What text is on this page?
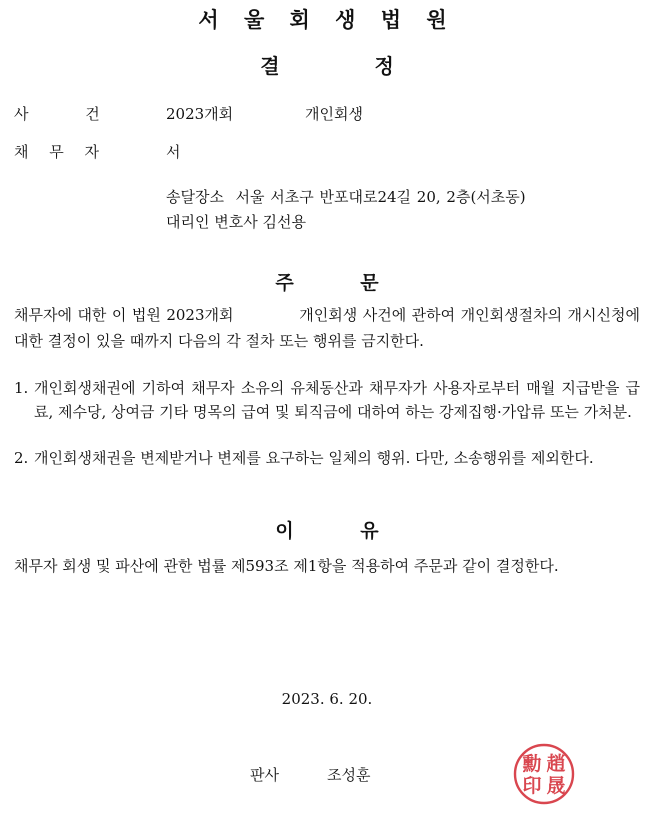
서 울 회 생 법 원
결 정
사 건	2023개회	개인회생
채 무 자	서
송달장소  서울 서초구 반포대로24길 20, 2층(서초동)
대리인 변호사 김선용
주 문

채무자에 대한 이 법원 2023개회            개인회생 사건에 관하여 개인회생절차의 개시신청에 대한 결정이 있을 때까지 다음의 각 절차 또는 행위를 금지한다.

1. 개인회생채권에 기하여 채무자 소유의 유체동산과 채무자가 사용자로부터 매월 지급받을 급료, 제수당, 상여금 기타 명목의 급여 및 퇴직금에 대하여 하는 강제집행·가압류 또는 가처분.
2. 개인회생채권을 변제받거나 변제를 요구하는 일체의 행위. 다만, 소송행위를 제외한다.
이 유

채무자 회생 및 파산에 관한 법률 제593조 제1항을 적용하여 주문과 같이 결정한다.

2023. 6. 20.
판사	조성훈	趙
晟
勳
印
